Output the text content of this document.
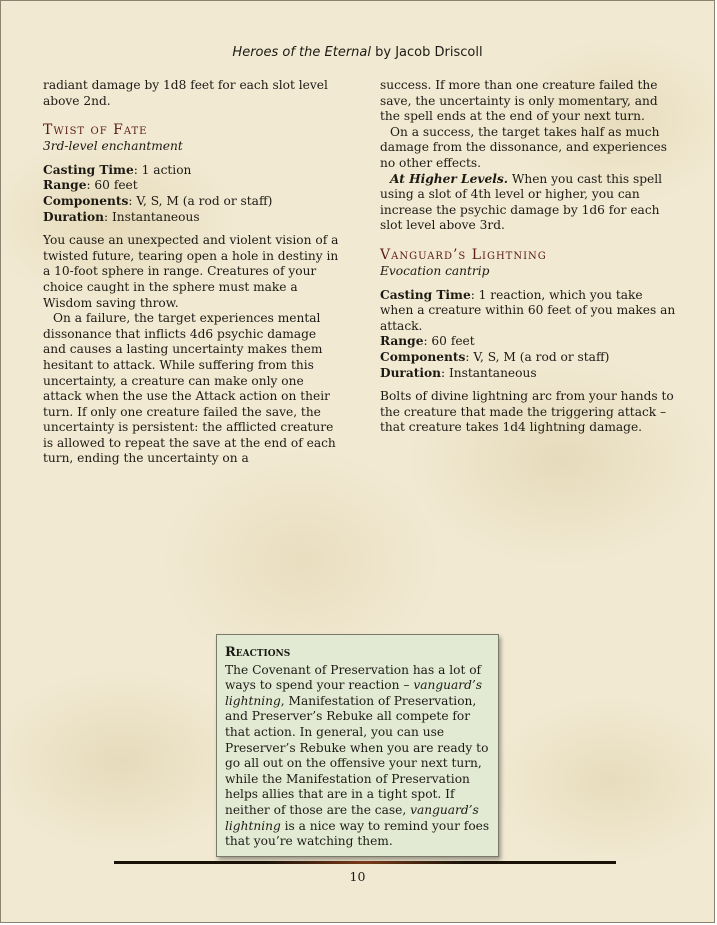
Heroes of the Eternal by Jacob Driscoll

radiant damage by 1d8 feet for each slot level above 2nd.

Twist of Fate
3rd-level enchantment

Casting Time: 1 action

Range: 60 feet

Components: V, S, M (a rod or staff)

Duration: Instantaneous

You cause an unexpected and violent vision of a twisted future, tearing open a hole in destiny in a 10-foot sphere in range. Creatures of your choice caught in the sphere must make a Wisdom saving throw.

On a failure, the target experiences mental dissonance that inflicts 4d6 psychic damage and causes a lasting uncertainty makes them hesitant to attack. While suffering from this uncertainty, a creature can make only one attack when the use the Attack action on their turn. If only one creature failed the save, the uncertainty is persistent: the afflicted creature is allowed to repeat the save at the end of each turn, ending the uncertainty on a

success. If more than one creature failed the save, the uncertainty is only momentary, and the spell ends at the end of your next turn.

On a success, the target takes half as much damage from the dissonance, and experiences no other effects.

At Higher Levels. When you cast this spell using a slot of 4th level or higher, you can increase the psychic damage by 1d6 for each slot level above 3rd.

Vanguard’s Lightning
Evocation cantrip

Casting Time: 1 reaction, which you take when a creature within 60 feet of you makes an attack.

Range: 60 feet

Components: V, S, M (a rod or staff)

Duration: Instantaneous

Bolts of divine lightning arc from your hands to the creature that made the triggering attack – that creature takes 1d4 lightning damage.

Reactions

The Covenant of Preservation has a lot of ways to spend your reaction – vanguard’s lightning, Manifestation of Preservation, and Preserver’s Rebuke all compete for that action. In general, you can use Preserver’s Rebuke when you are ready to go all out on the offensive your next turn, while the Manifestation of Preservation helps allies that are in a tight spot. If neither of those are the case, vanguard’s lightning is a nice way to remind your foes that you’re watching them.

10
